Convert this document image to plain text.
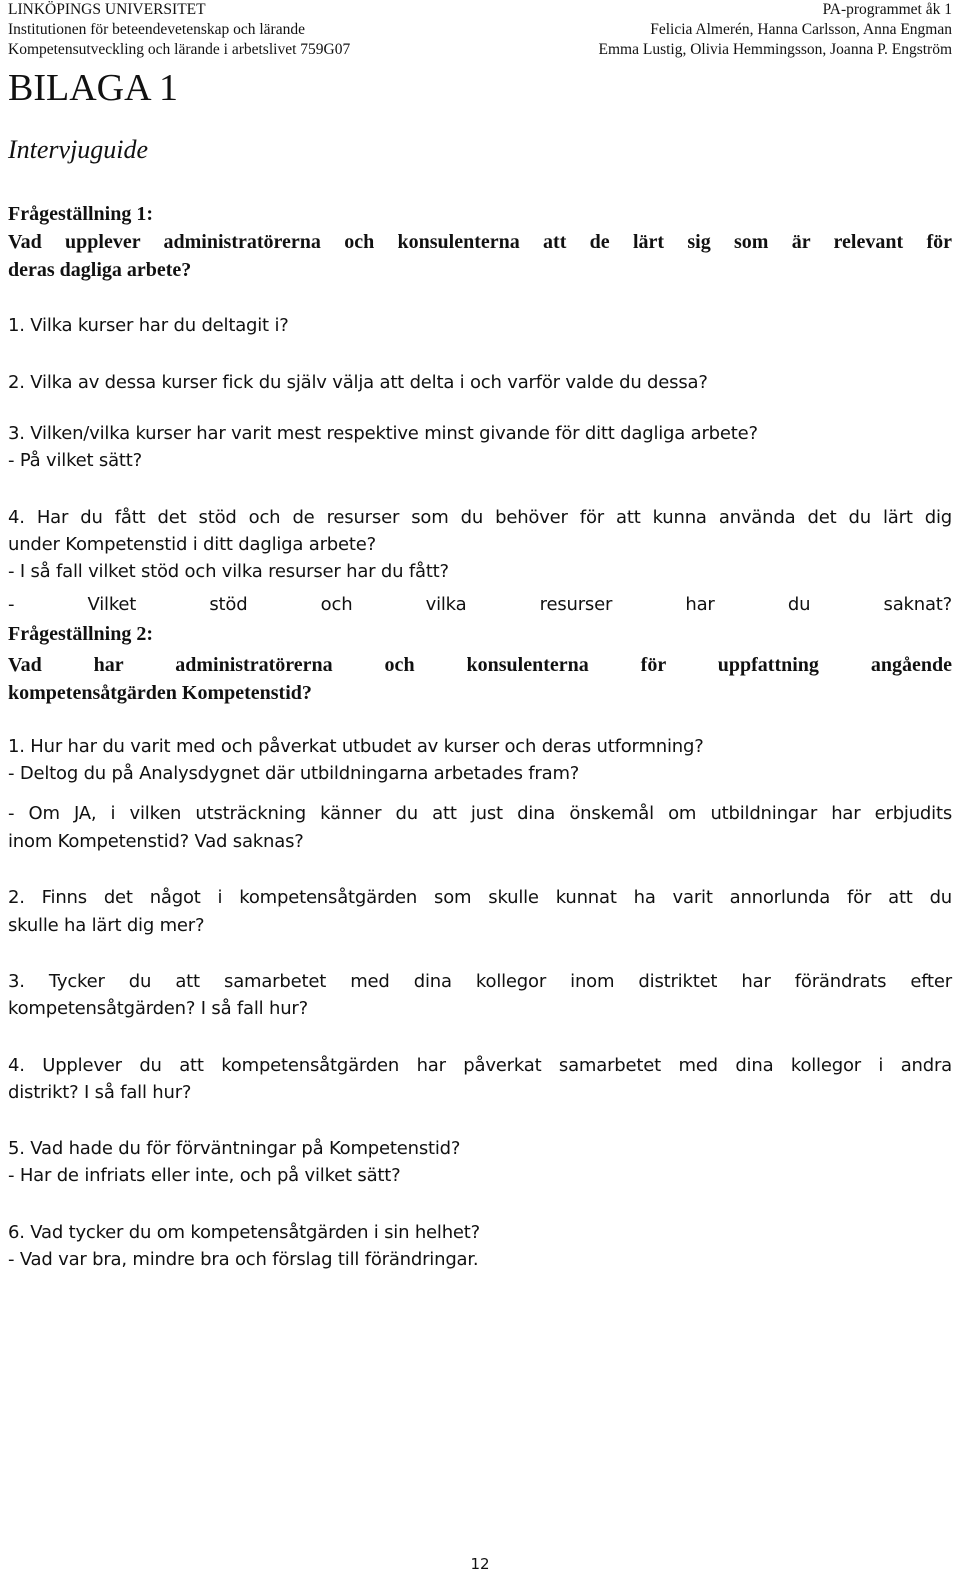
LINKÖPINGS UNIVERSITET
Institutionen för beteendevetenskap och lärande
Kompetensutveckling och lärande i arbetslivet 759G07
PA-programmet åk 1
Felicia Almerén, Hanna Carlsson, Anna Engman
Emma Lustig, Olivia Hemmingsson, Joanna P. Engström
BILAGA 1
Intervjuguide
Frågeställning 1:
Vad upplever administratörerna och konsulenterna att de lärt sig som är relevant för
deras dagliga arbete?
1. Vilka kurser har du deltagit i?
2. Vilka av dessa kurser fick du själv välja att delta i och varför valde du dessa?
3. Vilken/vilka kurser har varit mest respektive minst givande för ditt dagliga arbete?
- På vilket sätt?
4. Har du fått det stöd och de resurser som du behöver för att kunna använda det du lärt dig
under Kompetenstid i ditt dagliga arbete?
- I så fall vilket stöd och vilka resurser har du fått?
- Vilket stöd och vilka resurser har du saknat?
Frågeställning 2:
Vad har administratörerna och konsulenterna för uppfattning angående
kompetensåtgärden Kompetenstid?
1. Hur har du varit med och påverkat utbudet av kurser och deras utformning?
- Deltog du på Analysdygnet där utbildningarna arbetades fram?
- Om JA, i vilken utsträckning känner du att just dina önskemål om utbildningar har erbjudits
inom Kompetenstid? Vad saknas?
2. Finns det något i kompetensåtgärden som skulle kunnat ha varit annorlunda för att du
skulle ha lärt dig mer?
3. Tycker du att samarbetet med dina kollegor inom distriktet har förändrats efter
kompetensåtgärden? I så fall hur?
4. Upplever du att kompetensåtgärden har påverkat samarbetet med dina kollegor i andra
distrikt? I så fall hur?
5. Vad hade du för förväntningar på Kompetenstid?
- Har de infriats eller inte, och på vilket sätt?
6. Vad tycker du om kompetensåtgärden i sin helhet?
- Vad var bra, mindre bra och förslag till förändringar.
12
